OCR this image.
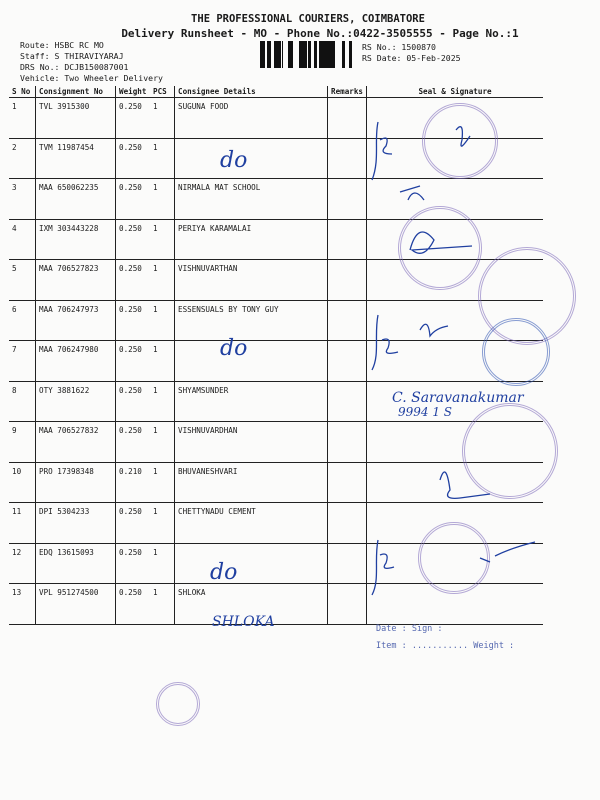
THE PROFESSIONAL COURIERS, COIMBATORE
Delivery Runsheet - MO - Phone No.:0422-3505555 - Page No.:1
Route: HSBC RC MO
Staff: S THIRAVIYARAJ
DRS No.: DCJB150087001
Vehicle: Two Wheeler Delivery
RS No.: 1500870
RS Date: 05-Feb-2025
S No	Consignment No	Weight	PCS	Consignee Details	Remarks	Seal & Signature
1	TVL 3915300	0.250	1	SUGUNA FOOD		
2	TVM 11987454	0.250	1			
3	MAA 650062235	0.250	1	NIRMALA MAT SCHOOL		
4	IXM 303443228	0.250	1	PERIYA KARAMALAI		
5	MAA 706527823	0.250	1	VISHNUVARTHAN		
6	MAA 706247973	0.250	1	ESSENSUALS BY TONY GUY		
7	MAA 706247980	0.250	1			
8	OTY 3881622	0.250	1	SHYAMSUNDER		
9	MAA 706527832	0.250	1	VISHNUVARDHAN		
10	PRO 17398348	0.210	1	BHUVANESHVARI		
11	DPI 5304233	0.250	1	CHETTYNADU CEMENT		
12	EDQ 13615093	0.250	1			
13	VPL 951274500	0.250	1	SHLOKA		
do
do
do
SHLOKA
C. Saravanakumar
9994 1 S
Date : Sign :
Item : ........... Weight :
